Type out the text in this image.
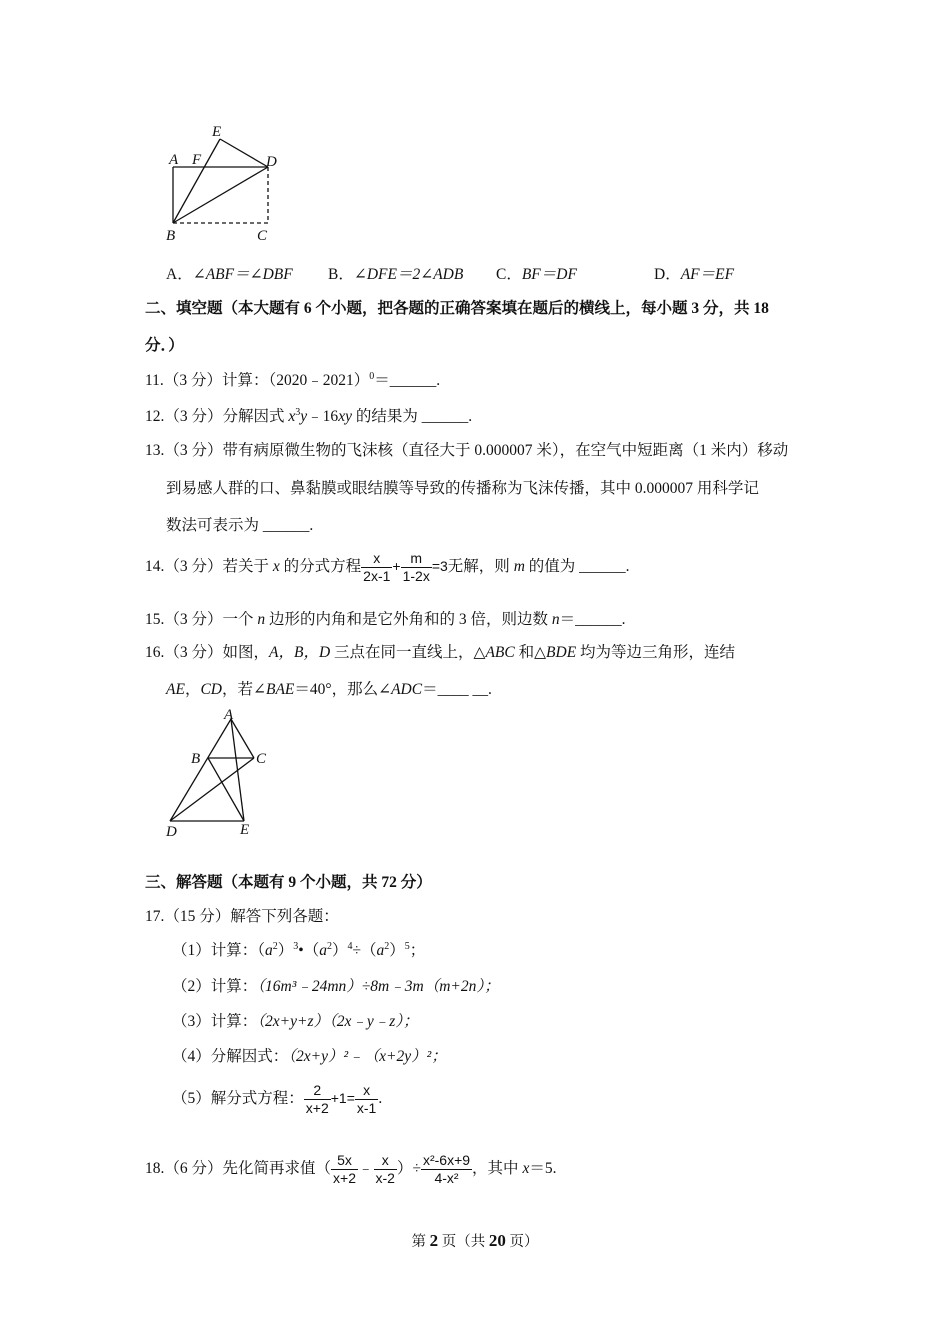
E
A F	D
B	C
A．∠ABF＝∠DBF B．∠DFE＝2∠ADB C．BF＝DF	D．AF＝EF
二、填空题（本大题有 6 个小题，把各题的正确答案填在题后的横线上，每小题 3 分，共 18
分．）
11.（3 分）计算：（2020﹣2021）$^0$＝______.
12.（3 分）分解因式 $x^3y﹣16xy$ 的结果为 ______.
13.（3 分）带有病原微生物的飞沫核（直径大于 0.000007 米），在空气中短距离（1 米内）移动
到易感人群的口、鼻黏膜或眼结膜等导致的传播称为飞沫传播，其中 0.000007 用科学记
数法可表示为 ______.
14.（3 分）若关于 x 的分式方程 $\frac{x}{2x-1} + \frac{m}{1-2x} =3$无解，则 m 的值为 ______.
15.（3 分）一个 n 边形的内角和是它外角和的 3 倍，则边数 n＝______.
16.（3 分）如图，A，B，D 三点在同一直线上，△ABC 和△BDE 均为等边三角形，连结
AE，CD，若∠BAE＝40°，那么∠ADC＝____ __.
A
B	C
D	E
三、解答题（本题有 9 个小题，共 72 分）
17.（15 分）解答下列各题：
（1）计算：$(a^2)^3•(a^2)^4\div(a^2)^5$；
（2）计算：（16m³﹣24mn）÷8m﹣3m（m+2n）；
（3）计算：（2x+y+z）（2x﹣y﹣z）；
（4）分解因式：（2x+y）²﹣（x+2y）²；
（5）解分式方程： $\frac{2}{x+2} +1= \frac{x}{x-1}$ .
18.（6 分）先化简再求值（ $\frac{5x}{x+2}$ ﹣ $\frac{x}{x-2}$ ）÷ $\frac{\text{x²-6x+9}}{\text{4-x²}}$ ，其中 x＝5.
第 2 页（共 20 页）
